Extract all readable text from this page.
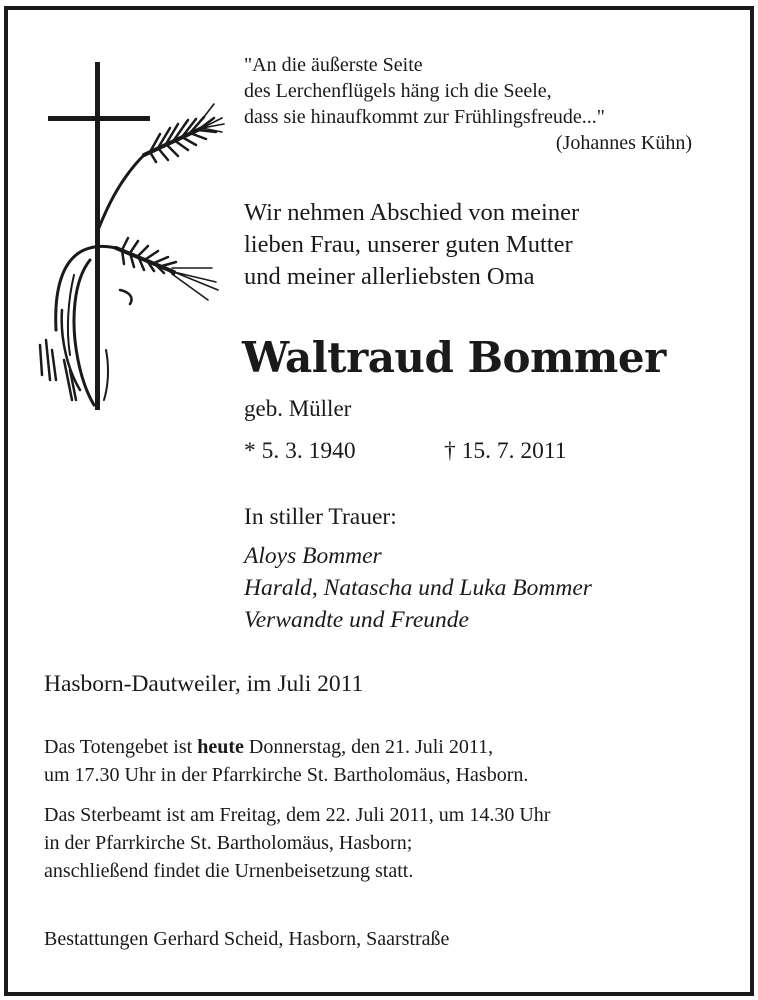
"An die äußerste Seite
des Lerchenflügels häng ich die Seele,
dass sie hinaufkommt zur Frühlingsfreude..."
(Johannes Kühn)
Wir nehmen Abschied von meiner
lieben Frau, unserer guten Mutter
und meiner allerliebsten Oma
Waltraud Bommer
geb. Müller
* 5. 3. 1940	† 15. 7. 2011
In stiller Trauer:
Aloys Bommer
Harald, Natascha und Luka Bommer
Verwandte und Freunde
Hasborn-Dautweiler, im Juli 2011
Das Totengebet ist heute Donnerstag, den 21. Juli 2011,
um 17.30 Uhr in der Pfarrkirche St. Bartholomäus, Hasborn.
Das Sterbeamt ist am Freitag, dem 22. Juli 2011, um 14.30 Uhr
in der Pfarrkirche St. Bartholomäus, Hasborn;
anschließend findet die Urnenbeisetzung statt.
Bestattungen Gerhard Scheid, Hasborn, Saarstraße
